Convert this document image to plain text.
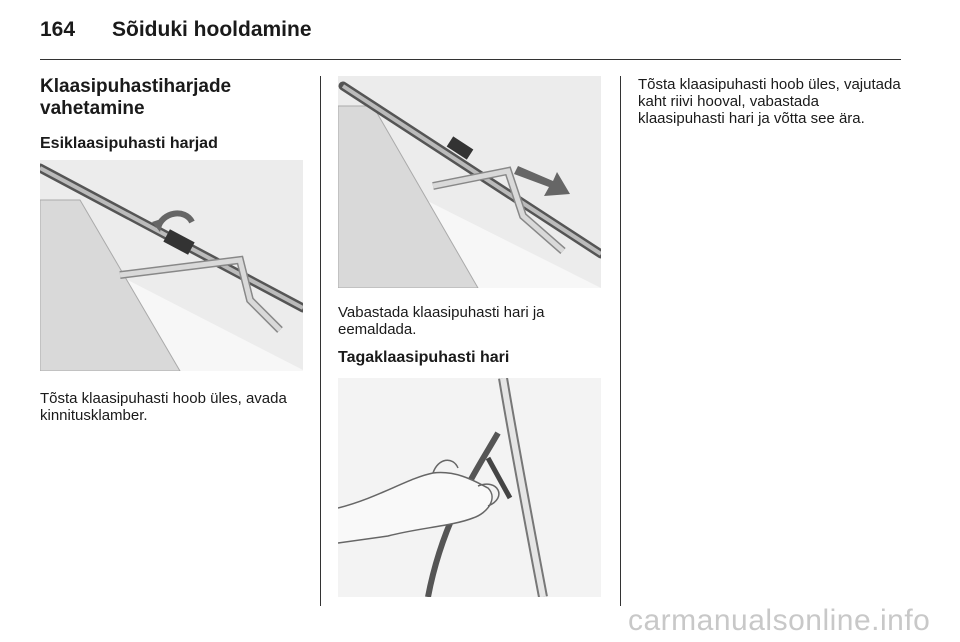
164	Sõiduki hooldamine
Klaasipuhastiharjade vahetamine
Esiklaasipuhasti harjad

Tõsta klaasipuhasti hoob üles, avada kinnitusklamber.

Vabastada klaasipuhasti hari ja eemaldada.

Tagaklaasipuhasti hari

Tõsta klaasipuhasti hoob üles, vajutada kaht riivi hooval, vabastada klaasipuhasti hari ja võtta see ära.

carmanualsonline.info
